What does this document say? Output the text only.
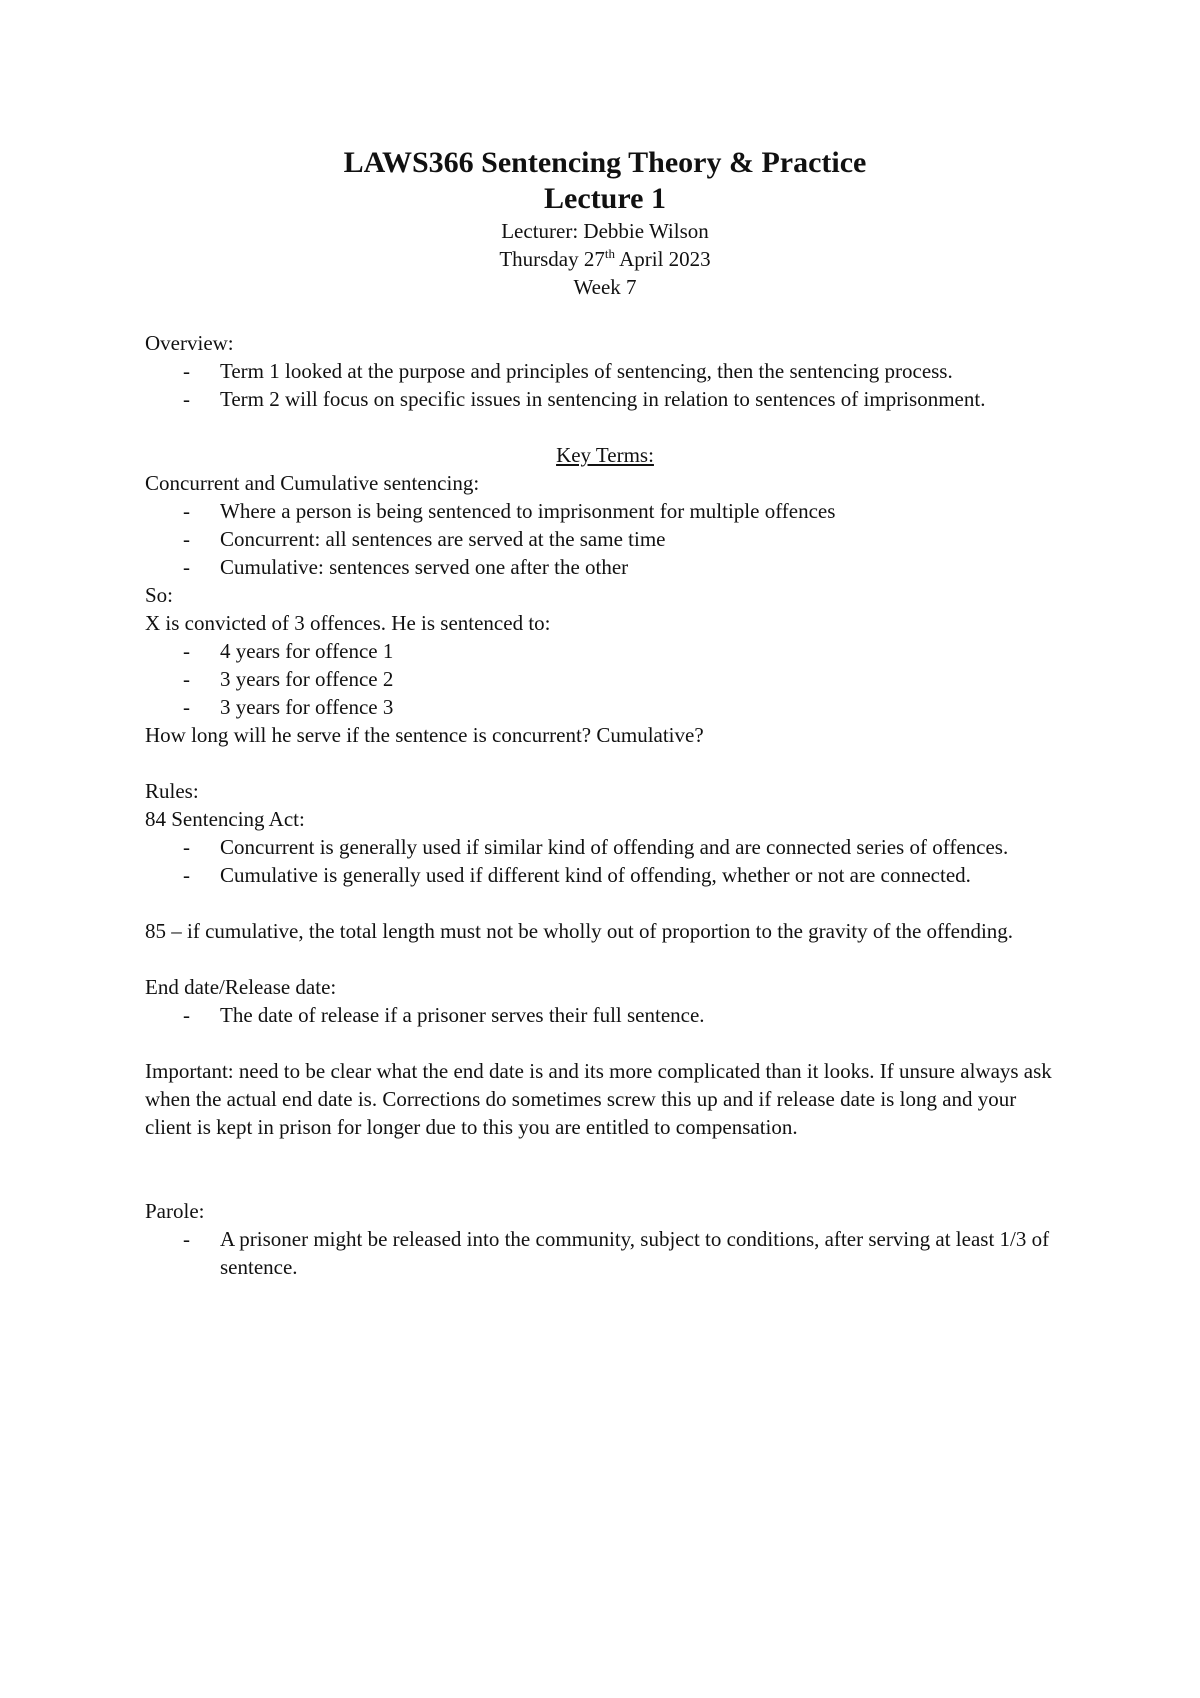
LAWS366 Sentencing Theory & Practice
Lecture 1
Lecturer: Debbie Wilson
Thursday 27th April 2023
Week 7

Overview:

- Term 1 looked at the purpose and principles of sentencing, then the sentencing process.
- Term 2 will focus on specific issues in sentencing in relation to sentences of imprisonment.

Key Terms:

Concurrent and Cumulative sentencing:

- Where a person is being sentenced to imprisonment for multiple offences
- Concurrent: all sentences are served at the same time
- Cumulative: sentences served one after the other

So:

X is convicted of 3 offences. He is sentenced to:

- 4 years for offence 1
- 3 years for offence 2
- 3 years for offence 3

How long will he serve if the sentence is concurrent? Cumulative?

Rules:

84 Sentencing Act:

- Concurrent is generally used if similar kind of offending and are connected series of offences.
- Cumulative is generally used if different kind of offending, whether or not are connected.

85 – if cumulative, the total length must not be wholly out of proportion to the gravity of the offending.

End date/Release date:

- The date of release if a prisoner serves their full sentence.

Important: need to be clear what the end date is and its more complicated than it looks. If unsure always ask when the actual end date is. Corrections do sometimes screw this up and if release date is long and your client is kept in prison for longer due to this you are entitled to compensation.

Parole:

- A prisoner might be released into the community, subject to conditions, after serving at least 1/3 of sentence.
